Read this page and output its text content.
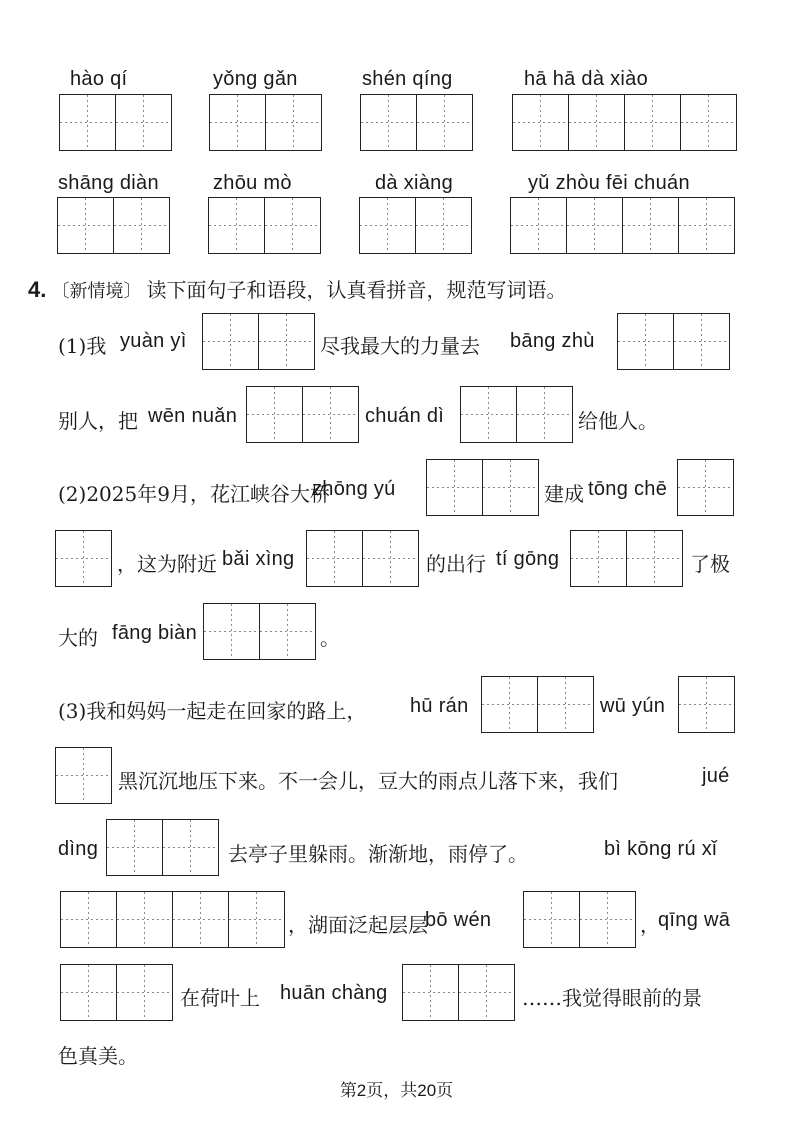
hào qí	yǒng gǎn	shén qíng	hā hā dà xiào
shāng diàn	zhōu mò	dà xiàng	yǔ zhòu fēi chuán
4. 〔新情境〕 读下面句子和语段，认真看拼音，规范写词语。
(1)我 yuàn yì	尽我最大的力量去 bāng zhù
别人，把 wēn nuǎn	chuán dì	给他人。
(2)2025年9月，花江峡谷大桥
zhōng yú	建成 tōng chē
，这为附近 bǎi xìng	的出行 tí gōng	了极
大的 fāng biàn	。
(3)我和妈妈一起走在回家的路上， hū rán	wū yún
黑沉沉地压下来。不一会儿，豆大的雨点儿落下来，我们	jué
dìng	去亭子里躲雨。渐渐地，雨停了。	bì kōng rú xǐ
，湖面泛起层层
bō wén	，
qīng wā
在荷叶上 huān chàng	……我觉得眼前的景
色真美。
第2页，共20页
